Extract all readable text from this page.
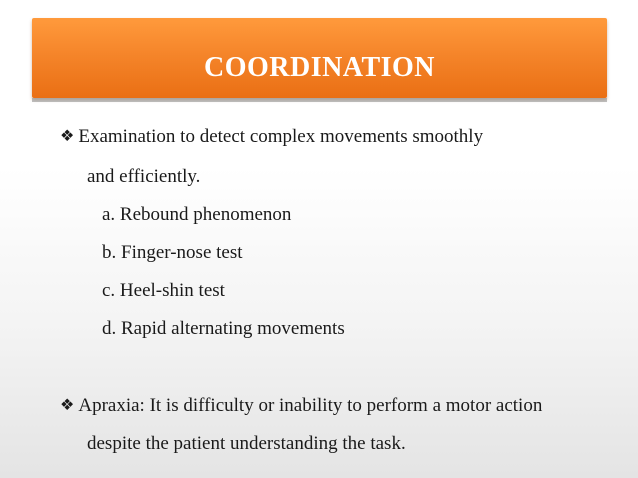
COORDINATION
❖ Examination to detect complex movements smoothly
and efficiently.
a. Rebound phenomenon
b. Finger-nose test
c. Heel-shin test
d. Rapid alternating movements
❖ Apraxia: It is difficulty or inability to perform a motor action
despite the patient understanding the task.
